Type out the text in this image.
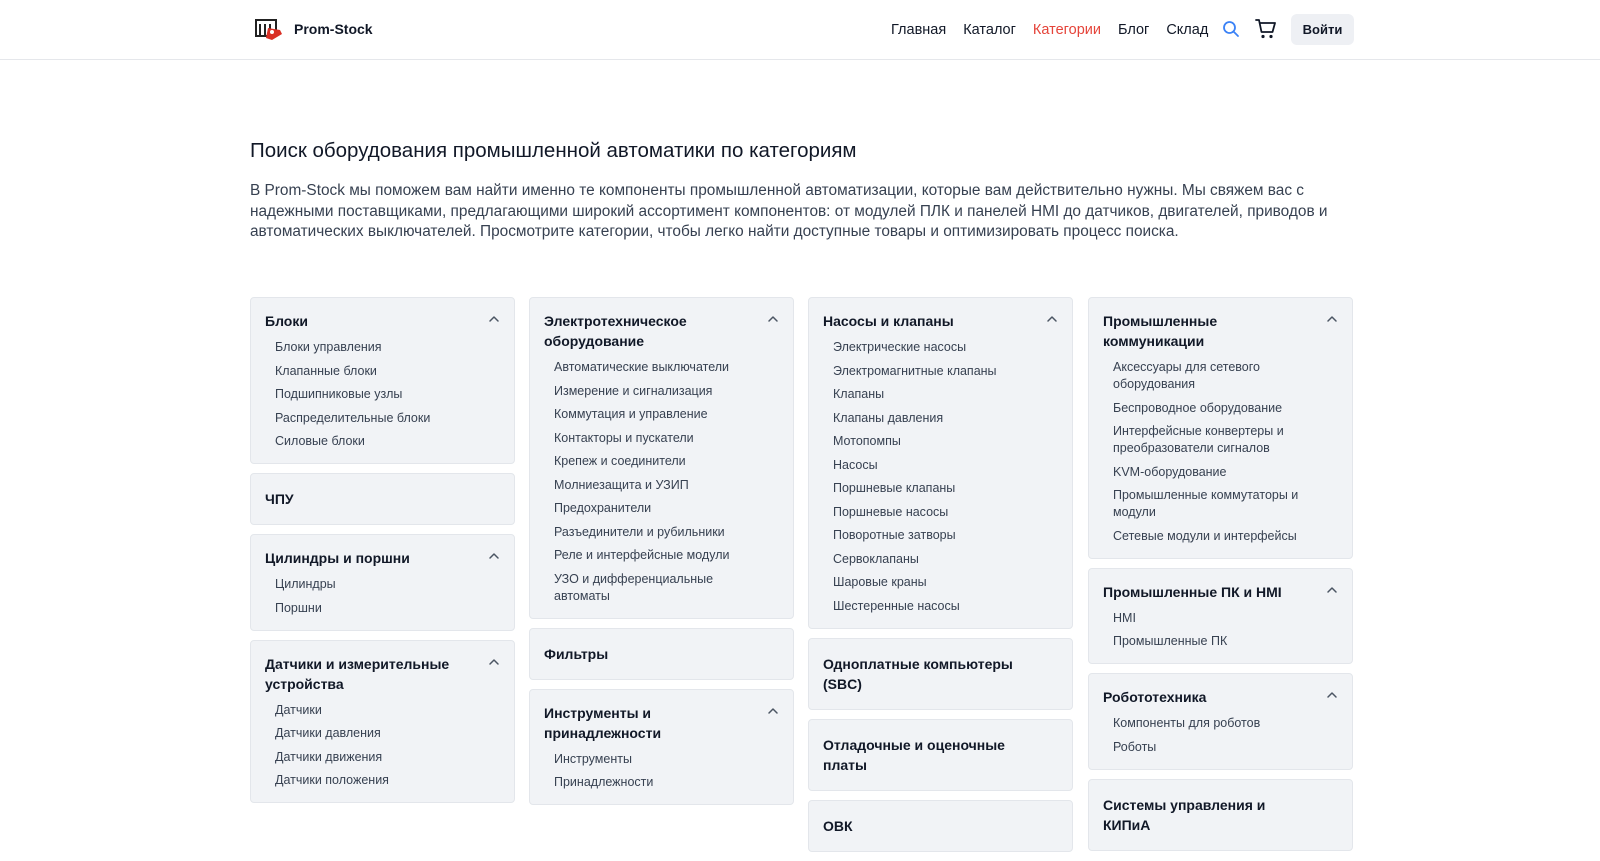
Prom-Stock	Главная Каталог Категории Блог Склад	Войти
Поиск оборудования промышленной автоматики по категориям

В Prom-Stock мы поможем вам найти именно те компоненты промышленной автоматизации, которые вам действительно нужны. Мы свяжем вас с надежными поставщиками, предлагающими широкий ассортимент компонентов: от модулей ПЛК и панелей HMI до датчиков, двигателей, приводов и автоматических выключателей. Просмотрите категории, чтобы легко найти доступные товары и оптимизировать процесс поиска.

Блоки
Блоки управления
Клапанные блоки
Подшипниковые узлы
Распределительные блоки
Силовые блоки
ЧПУ
Цилиндры и поршни
Цилиндры
Поршни
Датчики и измерительные устройства
Датчики
Датчики давления
Датчики движения
Датчики положения
Электротехническое оборудование
Автоматические выключатели
Измерение и сигнализация
Коммутация и управление
Контакторы и пускатели
Крепеж и соединители
Молниезащита и УЗИП
Предохранители
Разъединители и рубильники
Реле и интерфейсные модули
УЗО и дифференциальные автоматы
Фильтры
Инструменты и принадлежности
Инструменты
Принадлежности
Насосы и клапаны
Электрические насосы
Электромагнитные клапаны
Клапаны
Клапаны давления
Мотопомпы
Насосы
Поршневые клапаны
Поршневые насосы
Поворотные затворы
Сервоклапаны
Шаровые краны
Шестеренные насосы
Одноплатные компьютеры (SBC)
Отладочные и оценочные платы
ОВК
Промышленные коммуникации
Аксессуары для сетевого оборудования
Беспроводное оборудование
Интерфейсные конвертеры и преобразователи сигналов
KVM-оборудование
Промышленные коммутаторы и модули
Сетевые модули и интерфейсы
Промышленные ПК и HMI
HMI
Промышленные ПК
Робототехника
Компоненты для роботов
Роботы
Системы управления и КИПиА
